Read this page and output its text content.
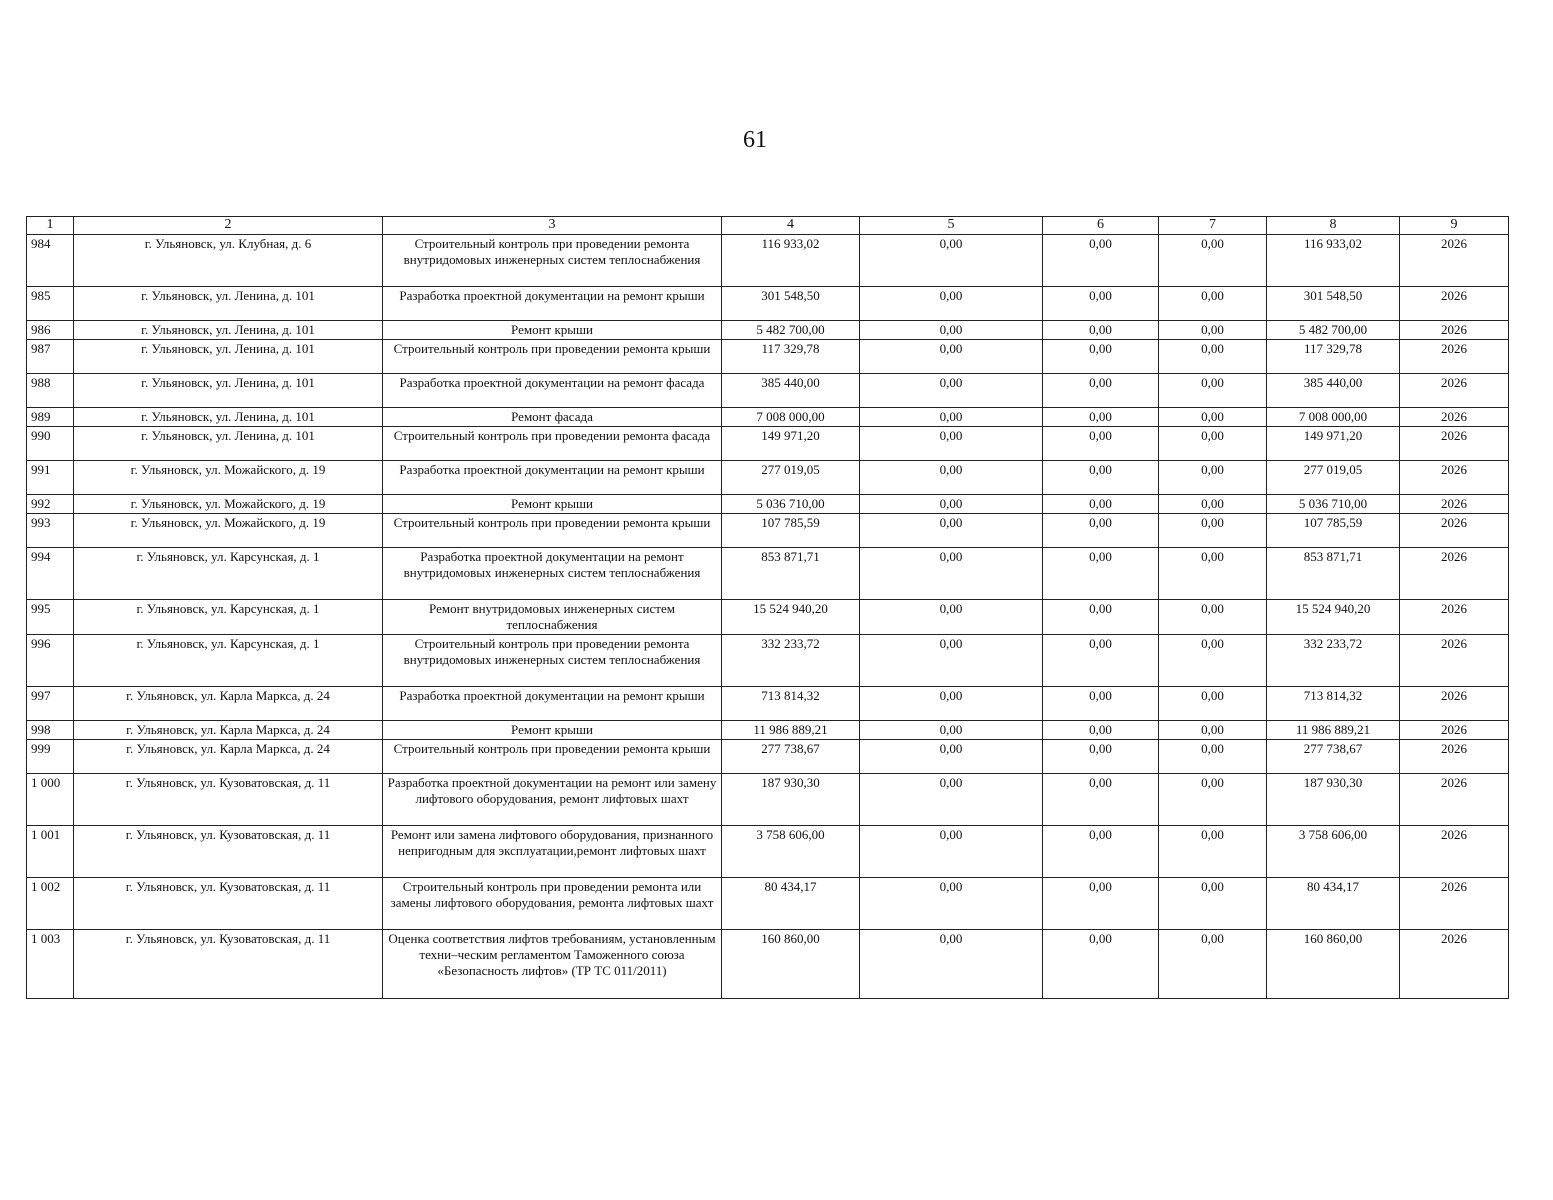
61
1	2	3	4	5	6	7	8	9
984	г. Ульяновск, ул. Клубная, д. 6	Строительный контроль при проведении ремонта внутридомовых инженерных систем теплоснабжения	116 933,02	0,00	0,00	0,00	116 933,02	2026
985	г. Ульяновск, ул. Ленина, д. 101	Разработка проектной документации на ремонт крыши	301 548,50	0,00	0,00	0,00	301 548,50	2026
986	г. Ульяновск, ул. Ленина, д. 101	Ремонт крыши	5 482 700,00	0,00	0,00	0,00	5 482 700,00	2026
987	г. Ульяновск, ул. Ленина, д. 101	Строительный контроль при проведении ремонта крыши	117 329,78	0,00	0,00	0,00	117 329,78	2026
988	г. Ульяновск, ул. Ленина, д. 101	Разработка проектной документации на ремонт фасада	385 440,00	0,00	0,00	0,00	385 440,00	2026
989	г. Ульяновск, ул. Ленина, д. 101	Ремонт фасада	7 008 000,00	0,00	0,00	0,00	7 008 000,00	2026
990	г. Ульяновск, ул. Ленина, д. 101	Строительный контроль при проведении ремонта фасада	149 971,20	0,00	0,00	0,00	149 971,20	2026
991	г. Ульяновск, ул. Можайского, д. 19	Разработка проектной документации на ремонт крыши	277 019,05	0,00	0,00	0,00	277 019,05	2026
992	г. Ульяновск, ул. Можайского, д. 19	Ремонт крыши	5 036 710,00	0,00	0,00	0,00	5 036 710,00	2026
993	г. Ульяновск, ул. Можайского, д. 19	Строительный контроль при проведении ремонта крыши	107 785,59	0,00	0,00	0,00	107 785,59	2026
994	г. Ульяновск, ул. Карсунская, д. 1	Разработка проектной документации на ремонт внутридомовых инженерных систем теплоснабжения	853 871,71	0,00	0,00	0,00	853 871,71	2026
995	г. Ульяновск, ул. Карсунская, д. 1	Ремонт внутридомовых инженерных систем теплоснабжения	15 524 940,20	0,00	0,00	0,00	15 524 940,20	2026
996	г. Ульяновск, ул. Карсунская, д. 1	Строительный контроль при проведении ремонта внутридомовых инженерных систем теплоснабжения	332 233,72	0,00	0,00	0,00	332 233,72	2026
997	г. Ульяновск, ул. Карла Маркса, д. 24	Разработка проектной документации на ремонт крыши	713 814,32	0,00	0,00	0,00	713 814,32	2026
998	г. Ульяновск, ул. Карла Маркса, д. 24	Ремонт крыши	11 986 889,21	0,00	0,00	0,00	11 986 889,21	2026
999	г. Ульяновск, ул. Карла Маркса, д. 24	Строительный контроль при проведении ремонта крыши	277 738,67	0,00	0,00	0,00	277 738,67	2026
1 000	г. Ульяновск, ул. Кузоватовская, д. 11	Разработка проектной документации на ремонт или замену лифтового оборудования, ремонт лифтовых шахт	187 930,30	0,00	0,00	0,00	187 930,30	2026
1 001	г. Ульяновск, ул. Кузоватовская, д. 11	Ремонт или замена лифтового оборудования, признанного непригодным для эксплуатации,ремонт лифтовых шахт	3 758 606,00	0,00	0,00	0,00	3 758 606,00	2026
1 002	г. Ульяновск, ул. Кузоватовская, д. 11	Строительный контроль при проведении ремонта или замены лифтового оборудования, ремонта лифтовых шахт	80 434,17	0,00	0,00	0,00	80 434,17	2026
1 003	г. Ульяновск, ул. Кузоватовская, д. 11	Оценка соответствия лифтов требованиям, установленным техни–ческим регламентом Таможенного союза «Безопасность лифтов» (ТР ТС 011/2011)	160 860,00	0,00	0,00	0,00	160 860,00	2026
